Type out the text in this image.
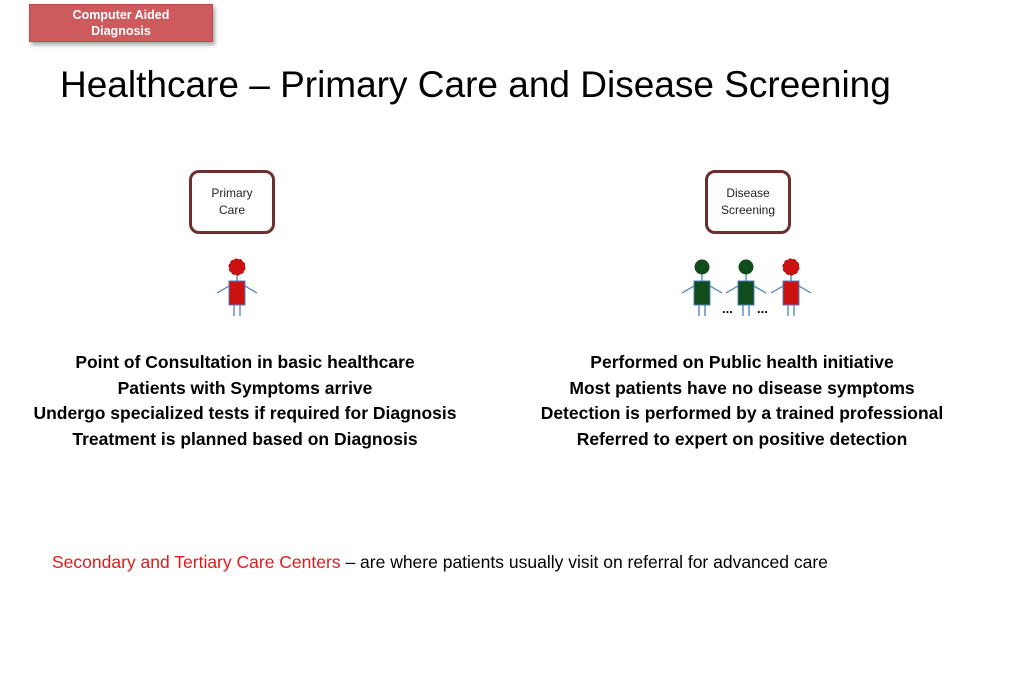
Computer Aided
Diagnosis
Healthcare – Primary Care and Disease Screening
Primary
Care
Disease
Screening
... ...
Point of Consultation in basic healthcare
Patients with Symptoms arrive
Undergo specialized tests if required for Diagnosis
Treatment is planned based on Diagnosis
Performed on Public health initiative
Most patients have no disease symptoms
Detection is performed by a trained professional
Referred to expert on positive detection
Secondary and Tertiary Care Centers – are where patients usually visit on referral for advanced care
